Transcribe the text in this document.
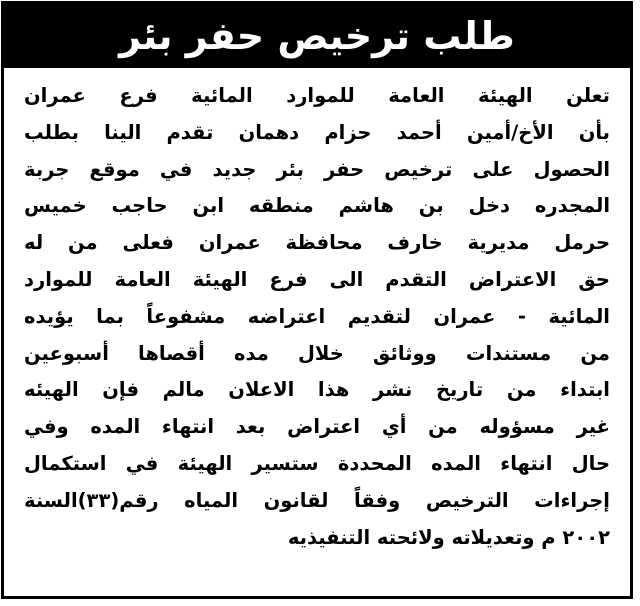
طلب ترخيص حفر بئر
تعلن الهيئة العامة للموارد المائية فرع عمران
بأن الأخ/أمين أحمد حزام دهمان تقدم الينا بطلب
الحصول على ترخيص حفر بئر جديد في موقع جربة
المجدره دخل بن هاشم منطقه ابن حاجب خميس
حرمل مديرية خارف محافظة عمران فعلى من له
حق الاعتراض التقدم الى فرع الهيئة العامة للموارد
المائية - عمران لتقديم اعتراضه مشفوعاً بما يؤيده
من مستندات ووثائق خلال مده أقصاها أسبوعين
ابتداء من تاريخ نشر هذا الاعلان مالم فإن الهيئه
غير مسؤوله من أي اعتراض بعد انتهاء المده وفي
حال انتهاء المده المحددة ستسير الهيئة في استكمال
إجراءات الترخيص وفقاً لقانون المياه رقم(٣٣)السنة
٢٠٠٢ م وتعديلاته ولائحته التنفيذيه
